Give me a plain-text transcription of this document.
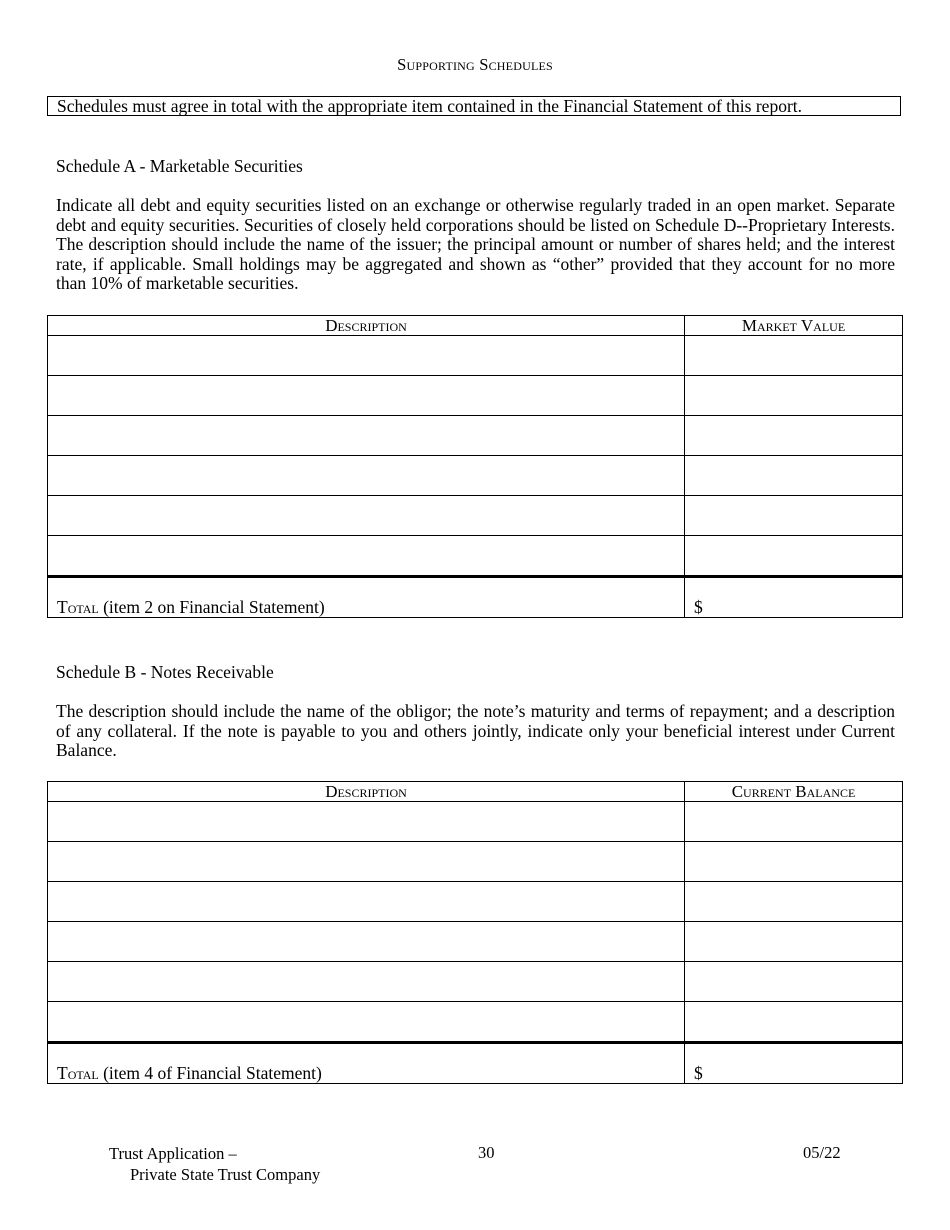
Supporting Schedules
Schedules must agree in total with the appropriate item contained in the Financial Statement of this report.
Schedule A - Marketable Securities

Indicate all debt and equity securities listed on an exchange or otherwise regularly traded in an open market. Separate debt and equity securities. Securities of closely held corporations should be listed on Schedule D--Proprietary Interests. The description should include the name of the issuer; the principal amount or number of shares held; and the interest rate, if applicable. Small holdings may be aggregated and shown as “other” provided that they account for no more than 10% of marketable securities.

Description	Market Value

Total (item 2 on Financial Statement)	$
Schedule B - Notes Receivable

The description should include the name of the obligor; the note’s maturity and terms of repayment; and a description of any collateral. If the note is payable to you and others jointly, indicate only your beneficial interest under Current Balance.

Description	Current Balance

Total (item 4 of Financial Statement)	$
Trust Application –
Private State Trust Company
30	05/22
